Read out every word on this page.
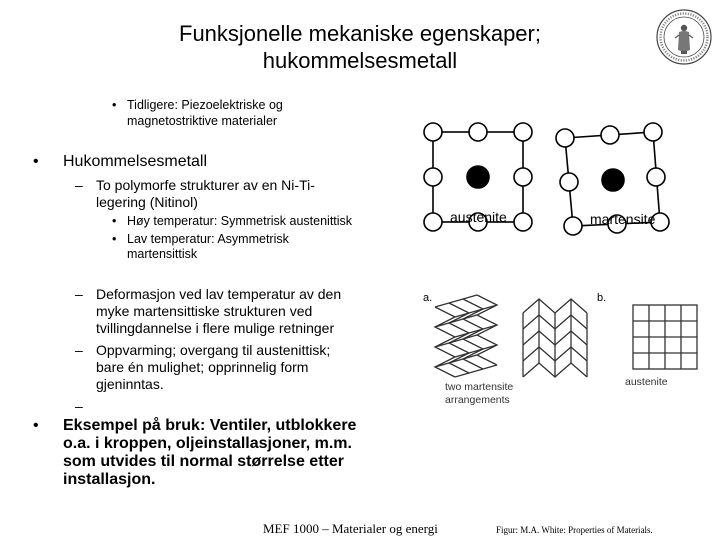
Funksjonelle mekaniske egenskaper;
hukommelsesmetall
• Tidligere: Piezoelektriske og
magnetostriktive materialer
• Hukommelsesmetall
– To polymorfe strukturer av en Ni-Ti-
legering (Nitinol)
• Høy temperatur: Symmetrisk austenittisk
• Lav temperatur: Asymmetrisk
martensittisk
– Deformasjon ved lav temperatur av den
myke martensittiske strukturen ved
tvillingdannelse i flere mulige retninger
– Oppvarming; overgang til austenittisk;
bare én mulighet; opprinnelig form
gjeninntas.
–
• Eksempel på bruk: Ventiler, utblokkere
o.a. i kroppen, oljeinstallasjoner, m.m.
som utvides til normal størrelse etter
installasjon.
austenite	martensite
a.	b.
two martensite
arrangements
austenite
MEF 1000 – Materialer og energi	Figur: M.A. White: Properties of Materials.
